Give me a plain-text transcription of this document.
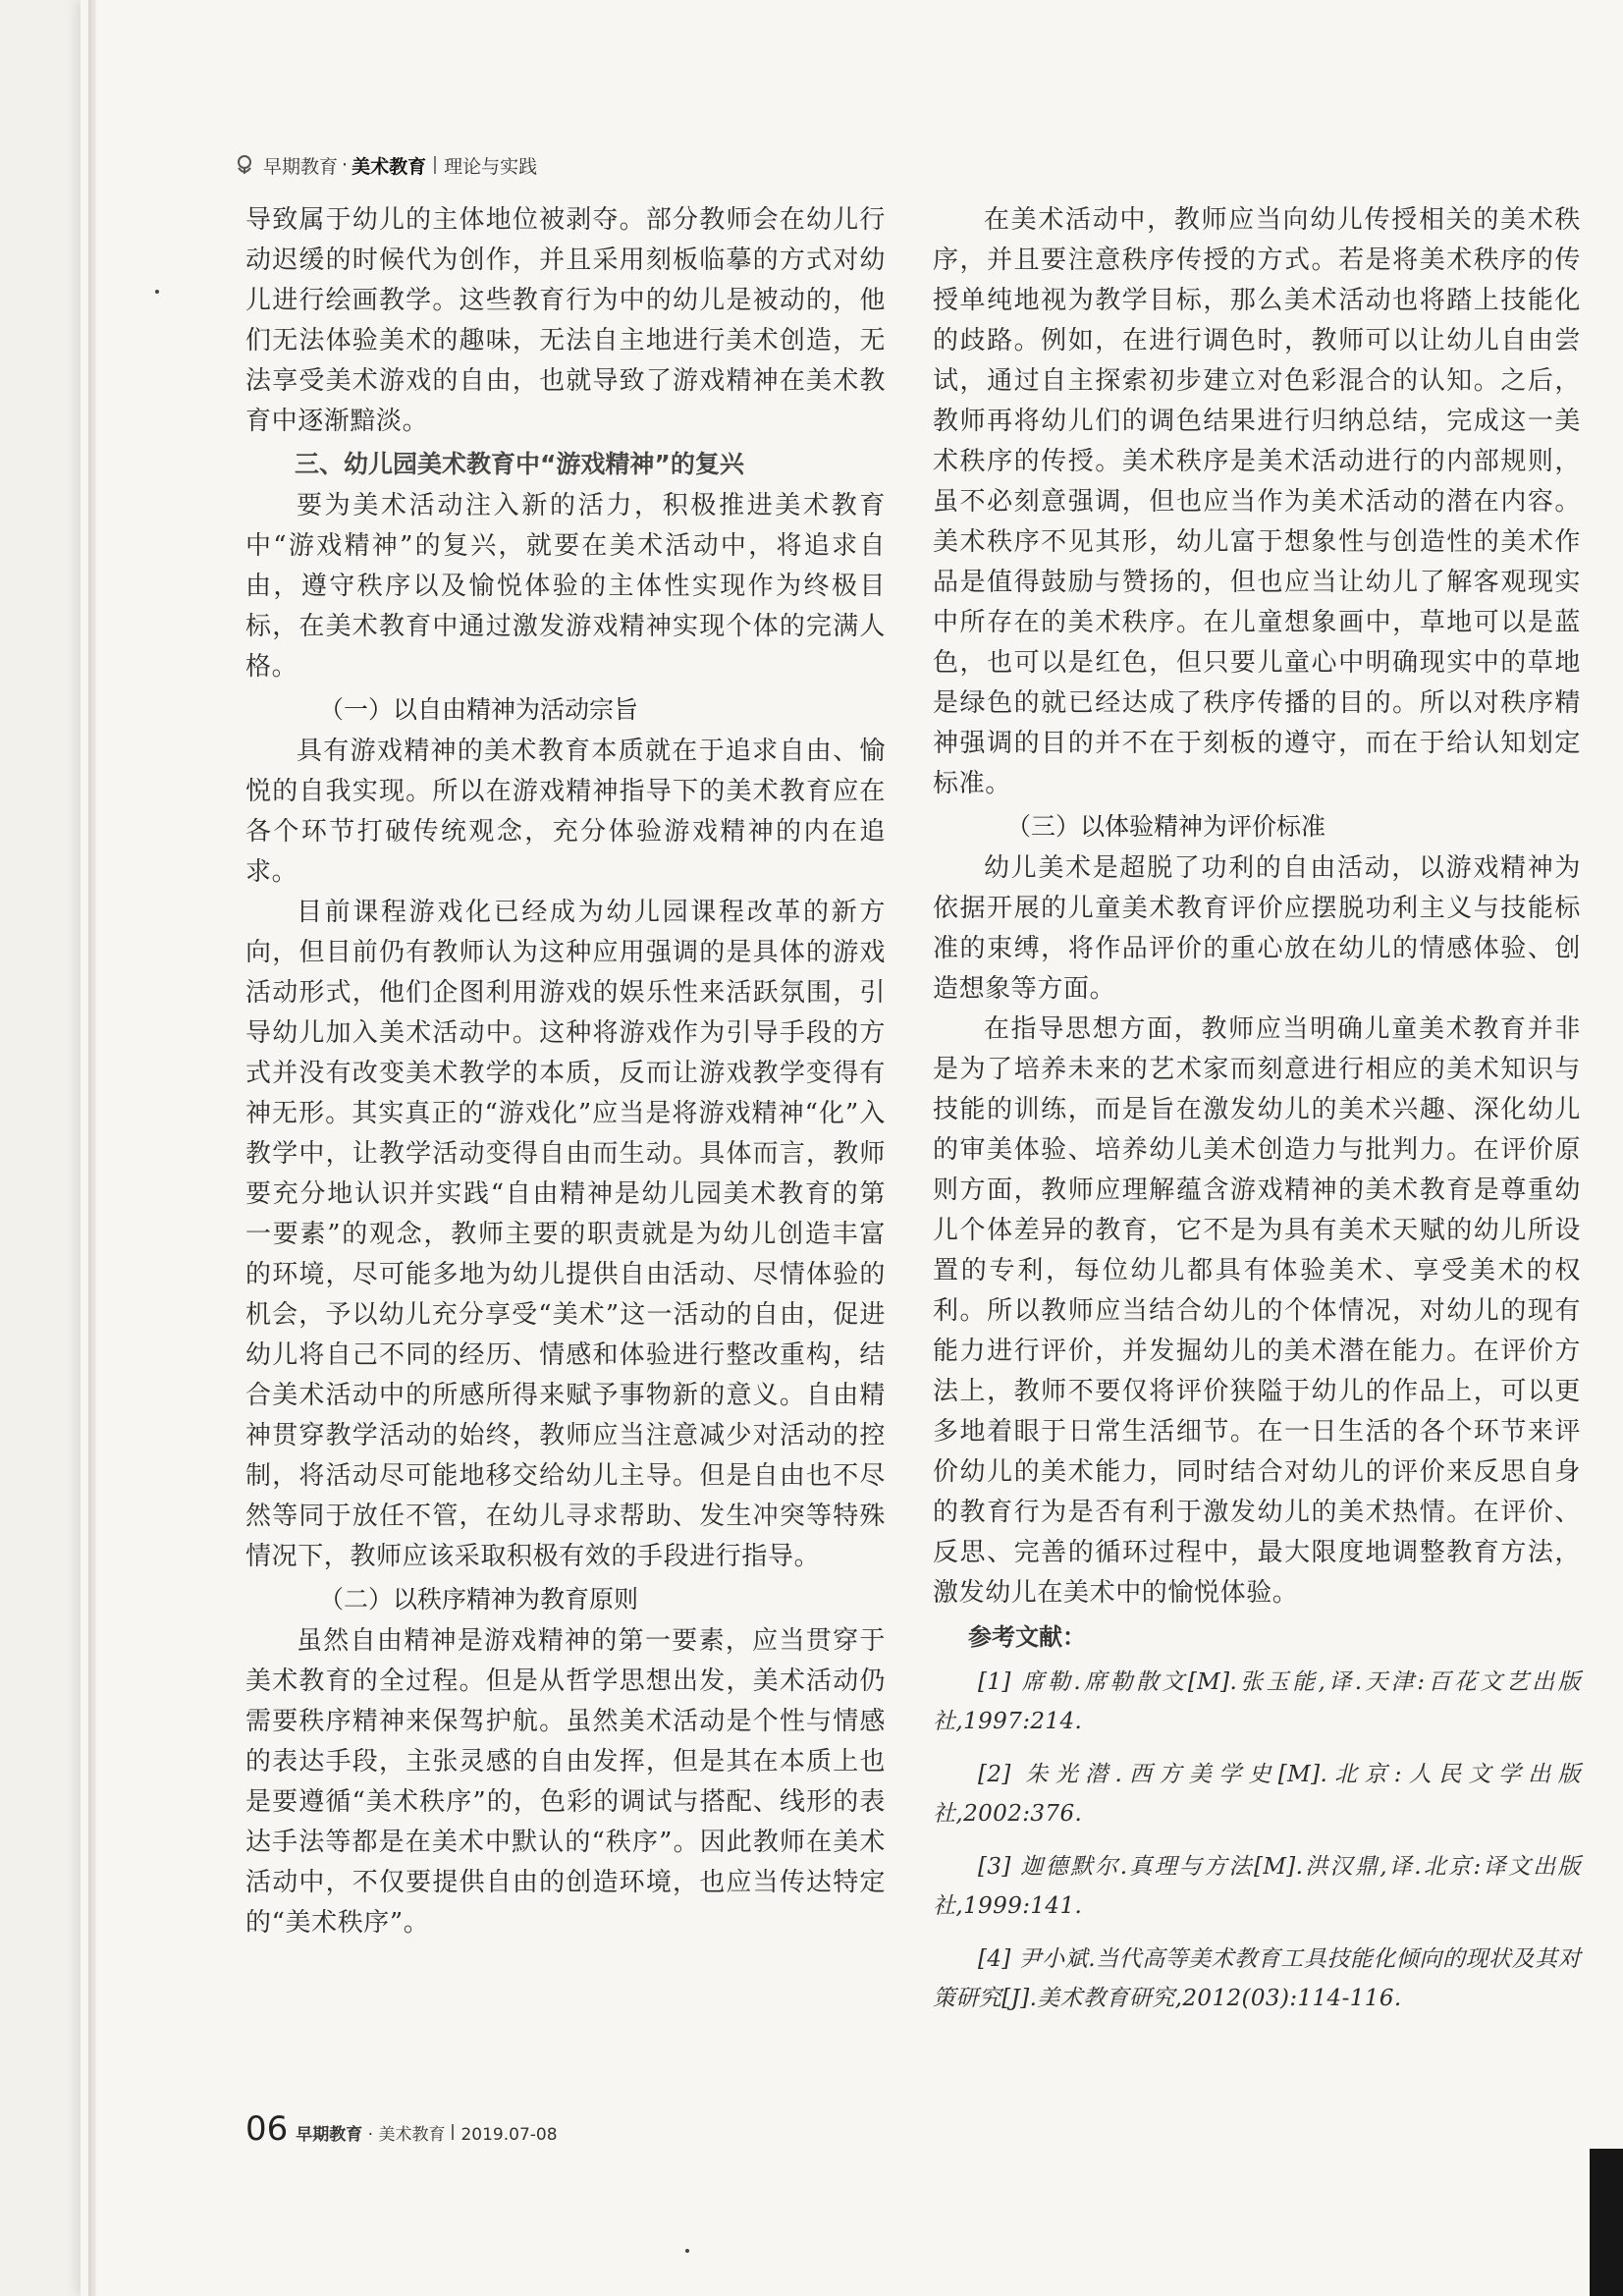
早期教育 · 美术教育 理论与实践

导致属于幼儿的主体地位被剥夺。部分教师会在幼儿行动迟缓的时候代为创作，并且采用刻板临摹的方式对幼儿进行绘画教学。这些教育行为中的幼儿是被动的，他们无法体验美术的趣味，无法自主地进行美术创造，无法享受美术游戏的自由，也就导致了游戏精神在美术教育中逐渐黯淡。

三、幼儿园美术教育中“游戏精神”的复兴

要为美术活动注入新的活力，积极推进美术教育中“游戏精神”的复兴，就要在美术活动中，将追求自由，遵守秩序以及愉悦体验的主体性实现作为终极目标，在美术教育中通过激发游戏精神实现个体的完满人格。

（一）以自由精神为活动宗旨

具有游戏精神的美术教育本质就在于追求自由、愉悦的自我实现。所以在游戏精神指导下的美术教育应在各个环节打破传统观念，充分体验游戏精神的内在追求。

目前课程游戏化已经成为幼儿园课程改革的新方向，但目前仍有教师认为这种应用强调的是具体的游戏活动形式，他们企图利用游戏的娱乐性来活跃氛围，引导幼儿加入美术活动中。这种将游戏作为引导手段的方式并没有改变美术教学的本质，反而让游戏教学变得有神无形。其实真正的“游戏化”应当是将游戏精神“化”入教学中，让教学活动变得自由而生动。具体而言，教师要充分地认识并实践“自由精神是幼儿园美术教育的第一要素”的观念，教师主要的职责就是为幼儿创造丰富的环境，尽可能多地为幼儿提供自由活动、尽情体验的机会，予以幼儿充分享受“美术”这一活动的自由，促进幼儿将自己不同的经历、情感和体验进行整改重构，结合美术活动中的所感所得来赋予事物新的意义。自由精神贯穿教学活动的始终，教师应当注意减少对活动的控制，将活动尽可能地移交给幼儿主导。但是自由也不尽然等同于放任不管，在幼儿寻求帮助、发生冲突等特殊情况下，教师应该采取积极有效的手段进行指导。

（二）以秩序精神为教育原则

虽然自由精神是游戏精神的第一要素，应当贯穿于美术教育的全过程。但是从哲学思想出发，美术活动仍需要秩序精神来保驾护航。虽然美术活动是个性与情感的表达手段，主张灵感的自由发挥，但是其在本质上也是要遵循“美术秩序”的，色彩的调试与搭配、线形的表达手法等都是在美术中默认的“秩序”。因此教师在美术活动中，不仅要提供自由的创造环境，也应当传达特定的“美术秩序”。

在美术活动中，教师应当向幼儿传授相关的美术秩序，并且要注意秩序传授的方式。若是将美术秩序的传授单纯地视为教学目标，那么美术活动也将踏上技能化的歧路。例如，在进行调色时，教师可以让幼儿自由尝试，通过自主探索初步建立对色彩混合的认知。之后，教师再将幼儿们的调色结果进行归纳总结，完成这一美术秩序的传授。美术秩序是美术活动进行的内部规则，虽不必刻意强调，但也应当作为美术活动的潜在内容。美术秩序不见其形，幼儿富于想象性与创造性的美术作品是值得鼓励与赞扬的，但也应当让幼儿了解客观现实中所存在的美术秩序。在儿童想象画中，草地可以是蓝色，也可以是红色，但只要儿童心中明确现实中的草地是绿色的就已经达成了秩序传播的目的。所以对秩序精神强调的目的并不在于刻板的遵守，而在于给认知划定标准。

（三）以体验精神为评价标准

幼儿美术是超脱了功利的自由活动，以游戏精神为依据开展的儿童美术教育评价应摆脱功利主义与技能标准的束缚，将作品评价的重心放在幼儿的情感体验、创造想象等方面。

在指导思想方面，教师应当明确儿童美术教育并非是为了培养未来的艺术家而刻意进行相应的美术知识与技能的训练，而是旨在激发幼儿的美术兴趣、深化幼儿的审美体验、培养幼儿美术创造力与批判力。在评价原则方面，教师应理解蕴含游戏精神的美术教育是尊重幼儿个体差异的教育，它不是为具有美术天赋的幼儿所设置的专利，每位幼儿都具有体验美术、享受美术的权利。所以教师应当结合幼儿的个体情况，对幼儿的现有能力进行评价，并发掘幼儿的美术潜在能力。在评价方法上，教师不要仅将评价狭隘于幼儿的作品上，可以更多地着眼于日常生活细节。在一日生活的各个环节来评价幼儿的美术能力，同时结合对幼儿的评价来反思自身的教育行为是否有利于激发幼儿的美术热情。在评价、反思、完善的循环过程中，最大限度地调整教育方法，激发幼儿在美术中的愉悦体验。

参考文献：

[1] 席勒.席勒散文[M].张玉能,译.天津:百花文艺出版社,1997:214.

[2] 朱光潜.西方美学史[M].北京:人民文学出版社,2002:376.

[3] 迦德默尔.真理与方法[M].洪汉鼎,译.北京:译文出版社,1999:141.

[4] 尹小斌.当代高等美术教育工具技能化倾向的现状及其对策研究[J].美术教育研究,2012(03):114-116.

06 早期教育 · 美术教育 2019.07-08
